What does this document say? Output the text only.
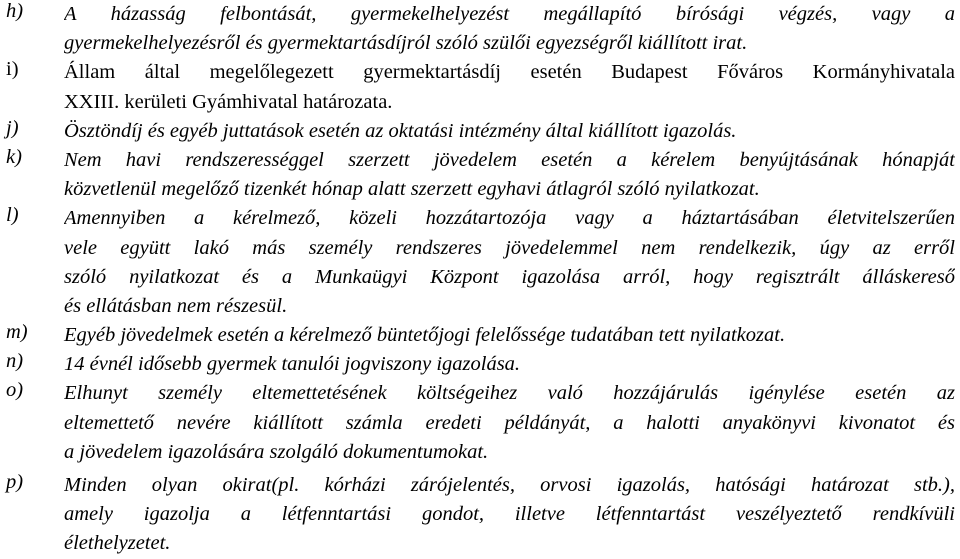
h) A házasság felbontását, gyermekelhelyezést megállapító bírósági végzés, vagy a
gyermekelhelyezésről és gyermektartásdíjról szóló szülői egyezségről kiállított irat.
i) Állam által megelőlegezett gyermektartásdíj esetén Budapest Főváros Kormányhivatala
XXIII. kerületi Gyámhivatal határozata.
j) Ösztöndíj és egyéb juttatások esetén az oktatási intézmény által kiállított igazolás.
k) Nem havi rendszerességgel szerzett jövedelem esetén a kérelem benyújtásának hónapját
közvetlenül megelőző tizenkét hónap alatt szerzett egyhavi átlagról szóló nyilatkozat.
l) Amennyiben a kérelmező, közeli hozzátartozója vagy a háztartásában életvitelszerűen
vele együtt lakó más személy rendszeres jövedelemmel nem rendelkezik, úgy az erről
szóló nyilatkozat és a Munkaügyi Központ igazolása arról, hogy regisztrált álláskereső
és ellátásban nem részesül.
m) Egyéb jövedelmek esetén a kérelmező büntetőjogi felelőssége tudatában tett nyilatkozat.
n) 14 évnél idősebb gyermek tanulói jogviszony igazolása.
o) Elhunyt személy eltemettetésének költségeihez való hozzájárulás igénylése esetén az
eltemettető nevére kiállított számla eredeti példányát, a halotti anyakönyvi kivonatot és
a jövedelem igazolására szolgáló dokumentumokat.
p) Minden olyan okirat(pl. kórházi zárójelentés, orvosi igazolás, hatósági határozat stb.),
amely igazolja a létfenntartási gondot, illetve létfenntartást veszélyeztető rendkívüli
élethelyzetet.
